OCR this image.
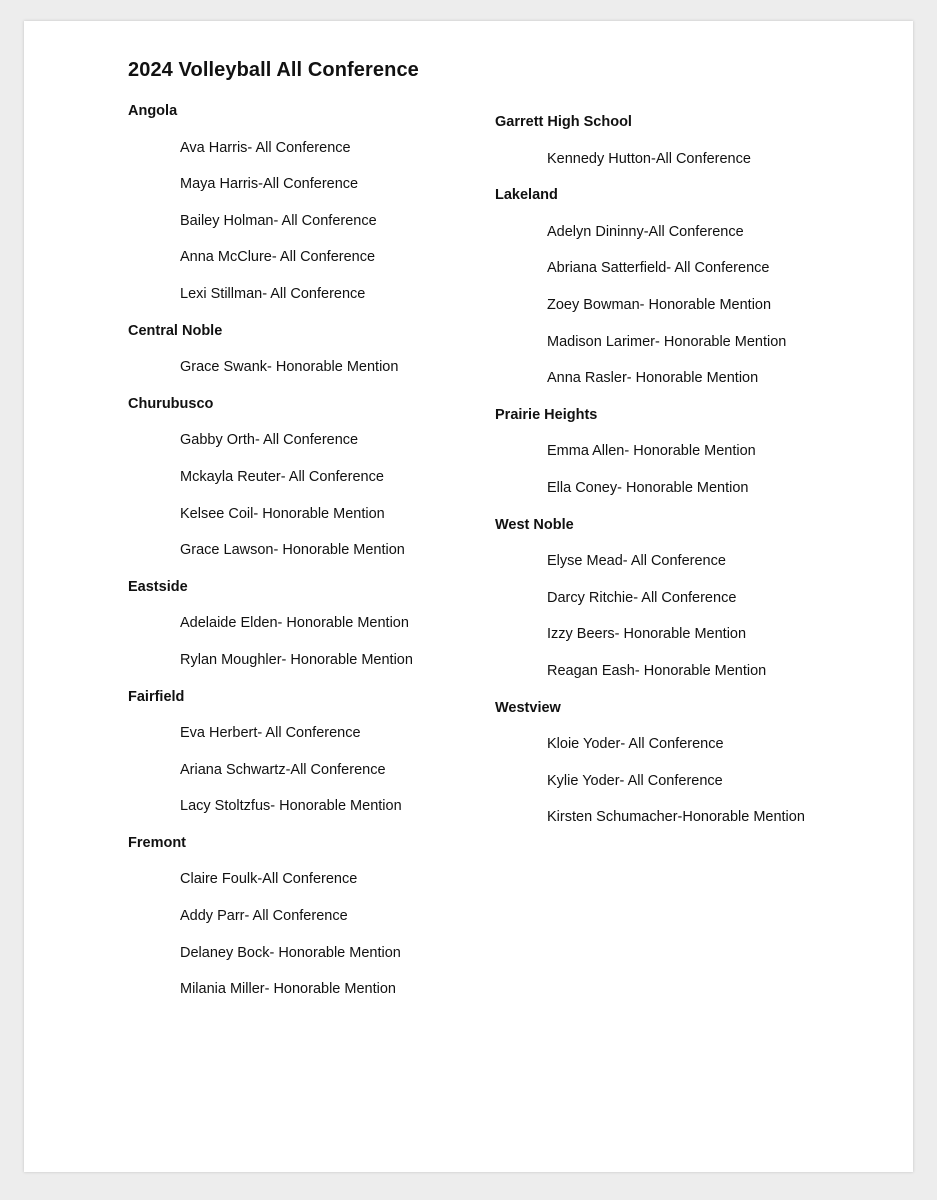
2024 Volleyball All Conference
Angola
Ava Harris- All Conference
Maya Harris-All Conference
Bailey Holman- All Conference
Anna McClure- All Conference
Lexi Stillman- All Conference
Central Noble
Grace Swank- Honorable Mention
Churubusco
Gabby Orth- All Conference
Mckayla Reuter- All Conference
Kelsee Coil- Honorable Mention
Grace Lawson- Honorable Mention
Eastside
Adelaide Elden- Honorable Mention
Rylan Moughler- Honorable Mention
Fairfield
Eva Herbert- All Conference
Ariana Schwartz-All Conference
Lacy Stoltzfus- Honorable Mention
Fremont
Claire Foulk-All Conference
Addy Parr- All Conference
Delaney Bock- Honorable Mention
Milania Miller- Honorable Mention
Garrett High School
Kennedy Hutton-All Conference
Lakeland
Adelyn Dininny-All Conference
Abriana Satterfield- All Conference
Zoey Bowman- Honorable Mention
Madison Larimer- Honorable Mention
Anna Rasler- Honorable Mention
Prairie Heights
Emma Allen- Honorable Mention
Ella Coney- Honorable Mention
West Noble
Elyse Mead- All Conference
Darcy Ritchie- All Conference
Izzy Beers- Honorable Mention
Reagan Eash- Honorable Mention
Westview
Kloie Yoder- All Conference
Kylie Yoder- All Conference
Kirsten Schumacher-Honorable Mention
